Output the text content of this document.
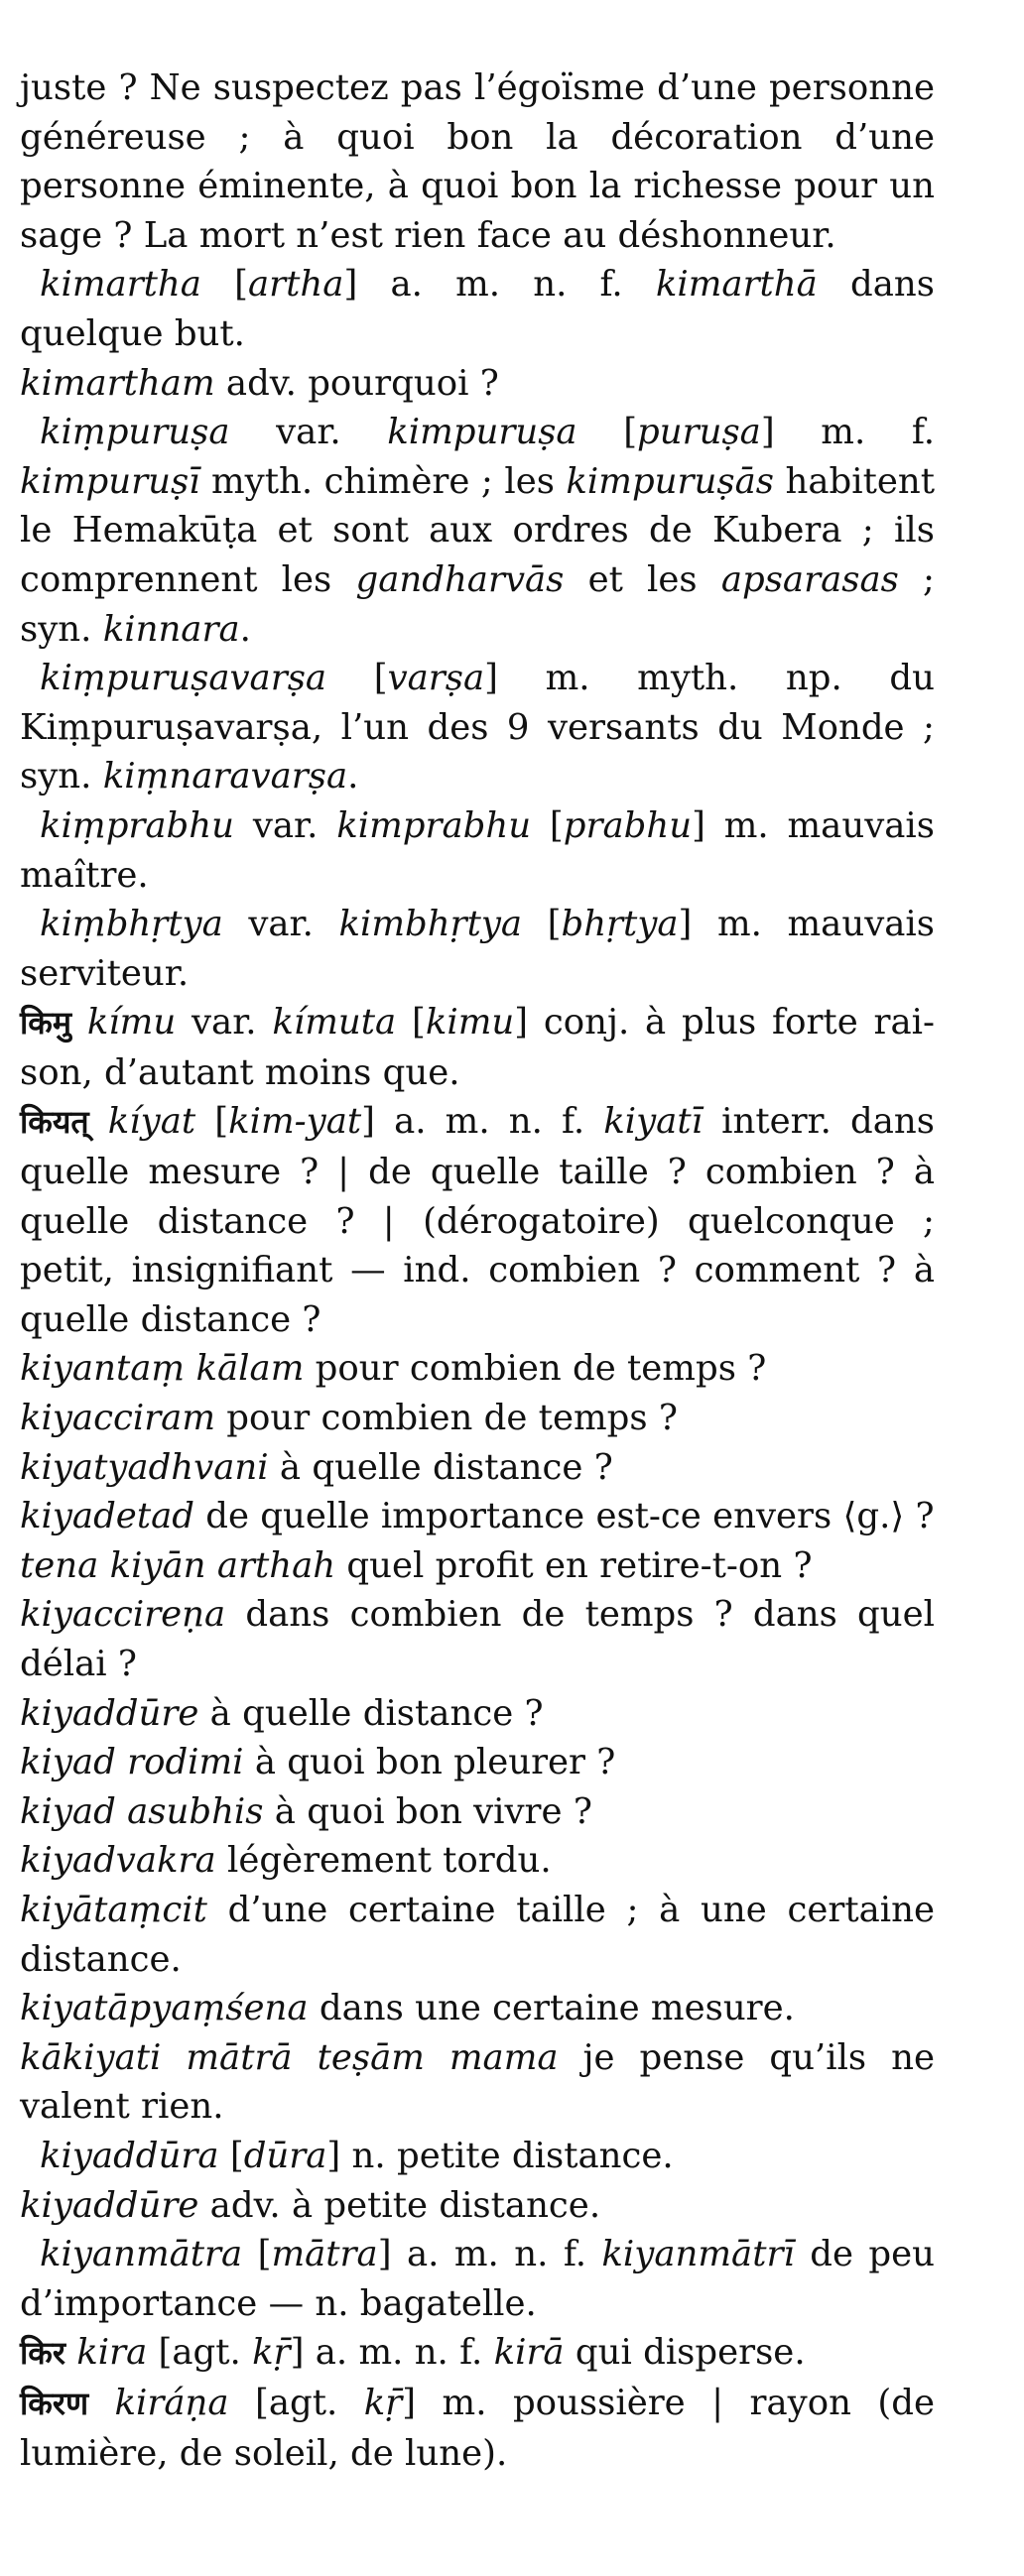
juste ? Ne suspectez pas l’égoïsme d’une personne généreuse ; à quoi bon la décoration d’une personne éminente, à quoi bon la richesse pour un sage ? La mort n’est rien face au déshonneur.

kimartha [artha] a. m. n. f. kimarthā dans quelque but.

kimartham adv. pourquoi ?

kiṃpuruṣa var. kimpuruṣa [puruṣa] m. f. kimpuruṣī myth. chimère ; les kimpuruṣās habitent le Hemakūṭa et sont aux ordres de Kubera ; ils comprennent les gandharvās et les apsarasas ; syn. kinnara.

kiṃpuruṣavarṣa [varṣa] m. myth. np. du Kiṃpuruṣavarṣa, l’un des 9 versants du Monde ; syn. kiṃnaravarṣa.

kiṃprabhu var. kimprabhu [prabhu] m. mauvais maître.

kiṃbhṛtya var. kimbhṛtya [bhṛtya] m. mauvais serviteur.

किमु kímu var. kímuta [kimu] conj. à plus forte raison, d’autant moins que.

कियत् kíyat [kim-yat] a. m. n. f. kiyatī interr. dans quelle mesure ? | de quelle taille ? combien ? à quelle distance ? | (dérogatoire) quelconque ; petit, insignifiant — ind. combien ? comment ? à quelle distance ?

kiyantaṃ kālam pour combien de temps ?

kiyacciram pour combien de temps ?

kiyatyadhvani à quelle distance ?

kiyadetad de quelle importance est-ce envers ⟨g.⟩ ?

tena kiyān arthah quel profit en retire-t-on ?

kiyaccireṇa dans combien de temps ? dans quel délai ?

kiyaddūre à quelle distance ?

kiyad rodimi à quoi bon pleurer ?

kiyad asubhis à quoi bon vivre ?

kiyadvakra légèrement tordu.

kiyātaṃcit d’une certaine taille ; à une certaine distance.

kiyatāpyaṃśena dans une certaine mesure.

kākiyati mātrā teṣām mama je pense qu’ils ne valent rien.

kiyaddūra [dūra] n. petite distance.

kiyaddūre adv. à petite distance.

kiyanmātra [mātra] a. m. n. f. kiyanmātrī de peu d’importance — n. bagatelle.

किर kira [agt. kṝ] a. m. n. f. kirā qui disperse.

किरण kiráṇa [agt. kṝ] m. poussière | rayon (de lumière, de soleil, de lune).
